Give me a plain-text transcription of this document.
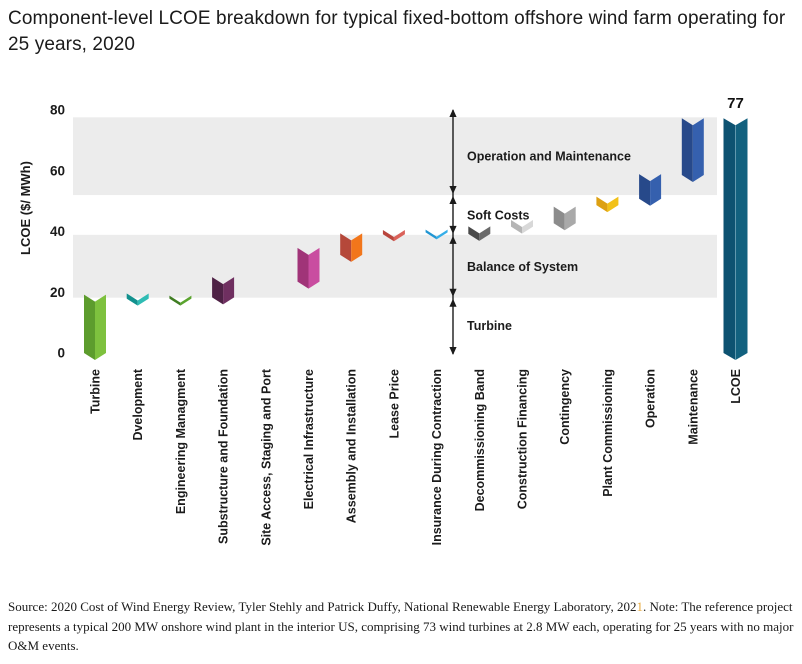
Component-level LCOE breakdown for typical fixed-bottom offshore wind farm operating for 25 years, 2020
0
20
40
60
80
LCOE ($/ MWh)
Turbine Dvelopment Engineering Managment Substructure and Foundation Site Access, Staging and Port Electrical Infrastructure Assembly and Installation Lease Price Insurance During Contraction Decommissioning Band Construction Financing Contingency Plant Commissioning Operation Maintenance
77
LCOE
Turbine
Balance of System
Soft Costs
Operation and Maintenance
Source: 2020 Cost of Wind Energy Review, Tyler Stehly and Patrick Duffy, National Renewable Energy Laboratory, 2021. Note: The reference project represents a typical 200 MW onshore wind plant in the interior US, comprising 73 wind turbines at 2.8 MW each, operating for 25 years with no major O&M events.
